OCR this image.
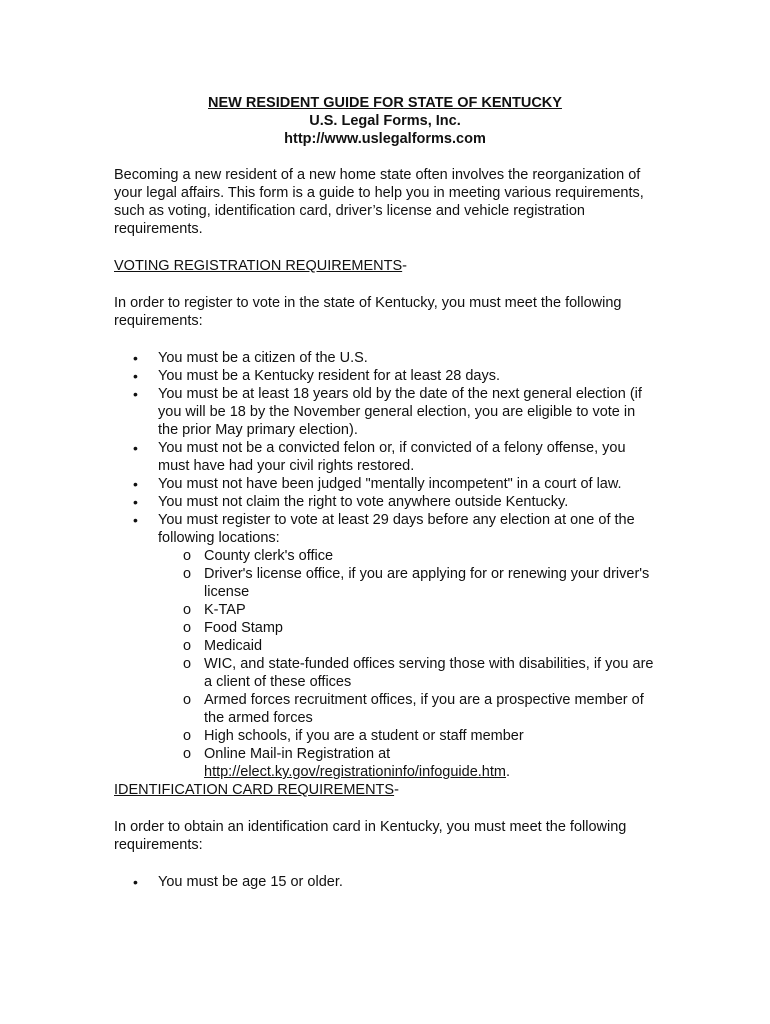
NEW RESIDENT GUIDE FOR STATE OF KENTUCKY
U.S. Legal Forms, Inc.
http://www.uslegalforms.com

Becoming a new resident of a new home state often involves the reorganization of your legal affairs. This form is a guide to help you in meeting various requirements, such as voting, identification card, driver’s license and vehicle registration requirements.

VOTING REGISTRATION REQUIREMENTS-

In order to register to vote in the state of Kentucky, you must meet the following requirements:

• You must be a citizen of the U.S.
• You must be a Kentucky resident for at least 28 days.
• You must be at least 18 years old by the date of the next general election (if you will be 18 by the November general election, you are eligible to vote in the prior May primary election).
• You must not be a convicted felon or, if convicted of a felony offense, you must have had your civil rights restored.
• You must not have been judged "mentally incompetent" in a court of law.
• You must not claim the right to vote anywhere outside Kentucky.
• You must register to vote at least 29 days before any election at one of the following locations:
o County clerk's office
o Driver's license office, if you are applying for or renewing your driver's license
o K-TAP
o Food Stamp
o Medicaid
o WIC, and state-funded offices serving those with disabilities, if you are a client of these offices
o Armed forces recruitment offices, if you are a prospective member of the armed forces
o High schools, if you are a student or staff member
o Online Mail-in Registration at
http://elect.ky.gov/registrationinfo/infoguide.htm.

IDENTIFICATION CARD REQUIREMENTS-

In order to obtain an identification card in Kentucky, you must meet the following requirements:

• You must be age 15 or older.
